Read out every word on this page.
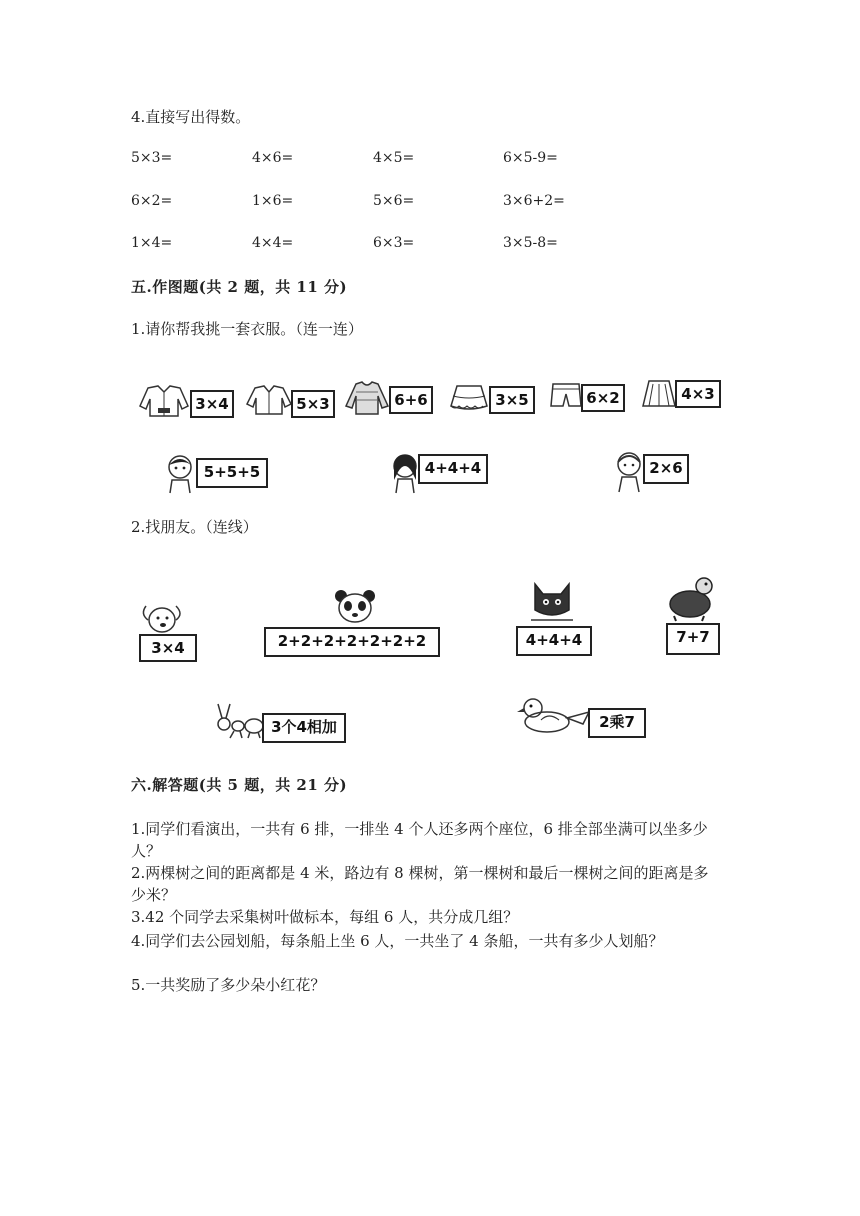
4.直接写出得数。
5×3=	4×6=	4×5=	6×5-9=
6×2=	1×6=	5×6=	3×6+2=
1×4=	4×4=	6×3=	3×5-8=
五.作图题(共 2 题，共 11 分)
1.请你帮我挑一套衣服。（连一连）
3×4	5×3	6+6	3×5	6×2	4×3
5+5+5	4+4+4	2×6
2.找朋友。（连线）
3×4	2+2+2+2+2+2+2	4+4+4	7+7
3个4相加	2乘7
六.解答题(共 5 题，共 21 分)
1.同学们看演出，一共有 6 排，一排坐 4 个人还多两个座位，6 排全部坐满可以坐多少人？
2.两棵树之间的距离都是 4 米，路边有 8 棵树，第一棵树和最后一棵树之间的距离是多少米？
3.42 个同学去采集树叶做标本，每组 6 人，共分成几组？
4.同学们去公园划船，每条船上坐 6 人，一共坐了 4 条船，一共有多少人划船？
5.一共奖励了多少朵小红花？
